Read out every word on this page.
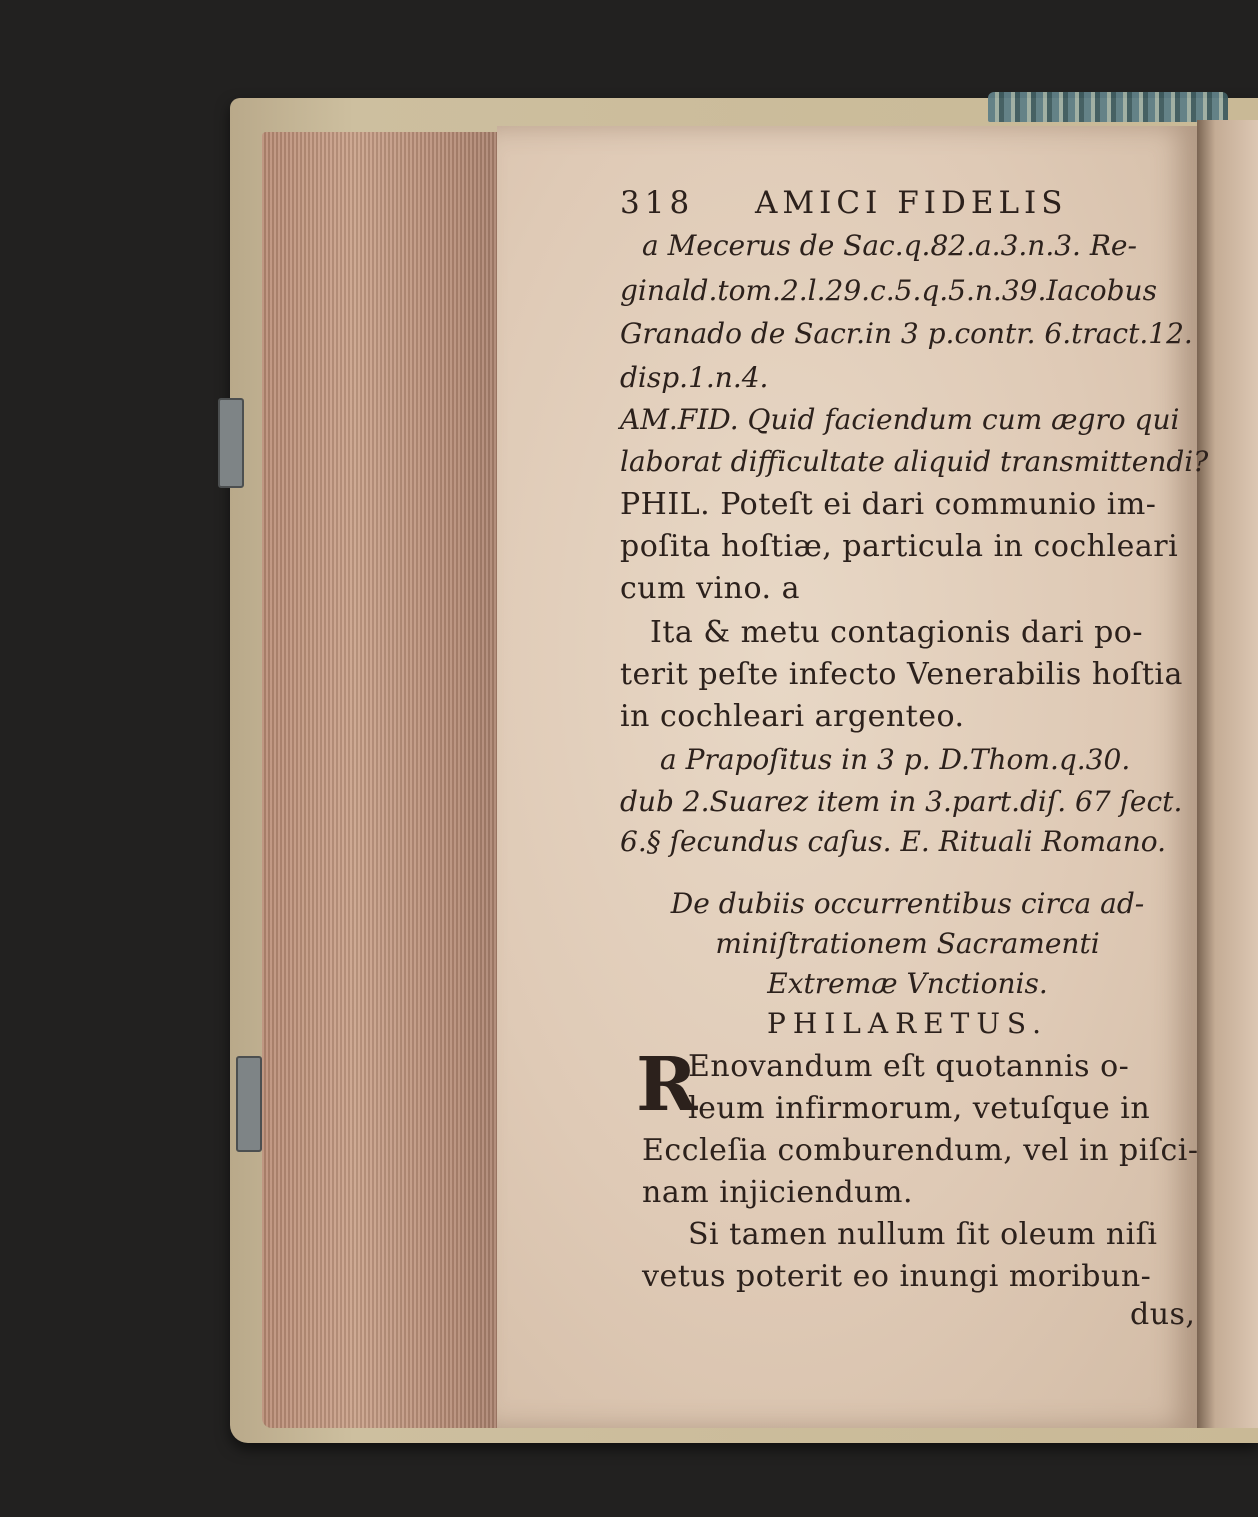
318 AMICI FIDELIS
a Mecerus de Sac.q.82.a.3.n.3. Re-
ginald.tom.2.l.29.c.5.q.5.n.39.Iacobus
Granado de Sacr.in 3 p.contr. 6.tract.12.
disp.1.n.4.
AM.FID. Quid faciendum cum ægro qui
laborat difficultate aliquid transmittendi?
PHIL. Poteſt ei dari communio im-
poſita hoſtiæ, particula in cochleari
cum vino. a
Ita & metu contagionis dari po-
terit peſte infecto Venerabilis hoſtia
in cochleari argenteo.
a Prapoſitus in 3 p. D.Thom.q.30.
dub 2.Suarez item in 3.part.diſ. 67 ſect.
6.§ ſecundus caſus. E. Rituali Romano.
De dubiis occurrentibus circa ad-
miniſtrationem Sacramenti
Extremæ Vnctionis.
PHILARETUS.
R
Enovandum eſt quotannis o-
leum infirmorum, vetuſque in
Eccleſia comburendum, vel in piſci-
nam injiciendum.
Si tamen nullum ſit oleum niſi
vetus poterit eo inungi moribun-
dus,
